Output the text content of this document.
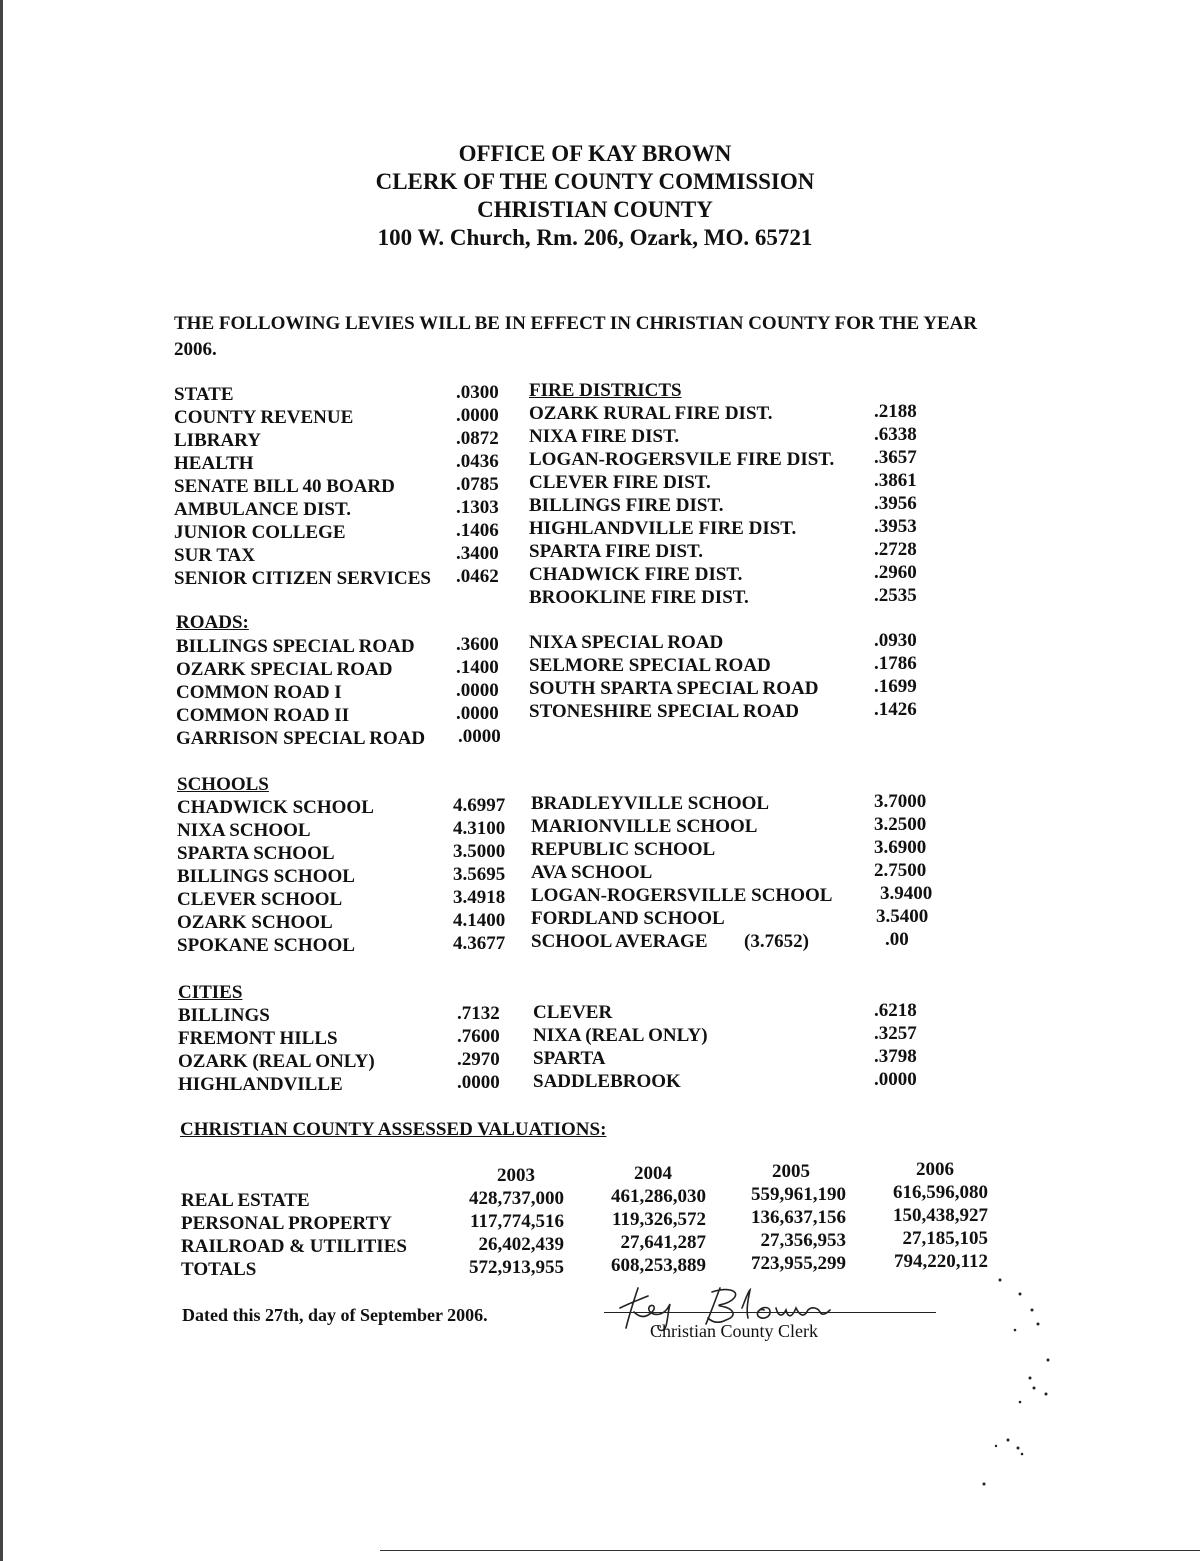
OFFICE OF KAY BROWN
CLERK OF THE COUNTY COMMISSION
CHRISTIAN COUNTY
100 W. Church, Rm. 206, Ozark, MO. 65721
THE FOLLOWING LEVIES WILL BE IN EFFECT IN CHRISTIAN COUNTY FOR THE YEAR 2006.
STATE	.0300
COUNTY REVENUE	.0000
LIBRARY	.0872
HEALTH	.0436
SENATE BILL 40 BOARD	.0785
AMBULANCE DIST.	.1303
JUNIOR COLLEGE	.1406
SUR TAX	.3400
SENIOR CITIZEN SERVICES .0462
FIRE DISTRICTS
OZARK RURAL FIRE DIST.	.2188
NIXA FIRE DIST.	.6338
LOGAN-ROGERSVILE FIRE DIST. .3657
CLEVER FIRE DIST.	.3861
BILLINGS FIRE DIST.	.3956
HIGHLANDVILLE FIRE DIST.	.3953
SPARTA FIRE DIST.	.2728
CHADWICK FIRE DIST.	.2960
BROOKLINE FIRE DIST.	.2535
ROADS:
BILLINGS SPECIAL ROAD .3600
OZARK SPECIAL ROAD	.1400
COMMON ROAD I	.0000
COMMON ROAD II	.0000
GARRISON SPECIAL ROAD .0000
NIXA SPECIAL ROAD	.0930
SELMORE SPECIAL ROAD	.1786
SOUTH SPARTA SPECIAL ROAD	.1699
STONESHIRE SPECIAL ROAD	.1426
SCHOOLS
CHADWICK SCHOOL	4.6997
NIXA SCHOOL	4.3100
SPARTA SCHOOL	3.5000
BILLINGS SCHOOL	3.5695
CLEVER SCHOOL	3.4918
OZARK SCHOOL	4.1400
SPOKANE SCHOOL	4.3677
BRADLEYVILLE SCHOOL	3.7000
MARIONVILLE SCHOOL	3.2500
REPUBLIC SCHOOL	3.6900
AVA SCHOOL	2.7500
LOGAN-ROGERSVILLE SCHOOL	3.9400
FORDLAND SCHOOL	3.5400
SCHOOL AVERAGE (3.7652)	.00
CITIES
BILLINGS	.7132
FREMONT HILLS	.7600
OZARK (REAL ONLY)	.2970
HIGHLANDVILLE	.0000
CLEVER	.6218
NIXA (REAL ONLY)	.3257
SPARTA	.3798
SADDLEBROOK	.0000
CHRISTIAN COUNTY ASSESSED VALUATIONS:
2003	2004	2005	2006
REAL ESTATE	428,737,000	461,286,030	559,961,190	616,596,080
PERSONAL PROPERTY	117,774,516	119,326,572	136,637,156	150,438,927
RAILROAD & UTILITIES	26,402,439	27,641,287	27,356,953	27,185,105
TOTALS	572,913,955	608,253,889	723,955,299	794,220,112
Dated this 27th, day of September 2006.
Christian County Clerk
